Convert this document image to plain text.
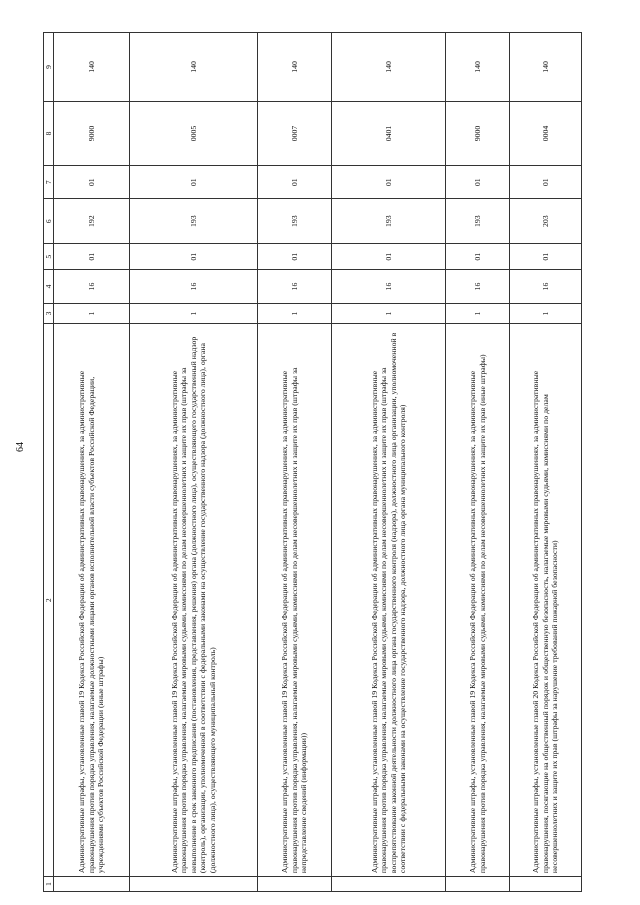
64
1	2	3	4	5	6	7	8	9
	Административные штрафы, установленные главой 19 Кодекса Российской Федерации об административных правонарушениях, за административные правонарушения против порядка управления, налагаемые должностными лицами органов исполнительной власти субъектов Российской Федерации, учреждениями субъектов Российской Федерации (иные штрафы)	1	16	01	192	01	9000	140
	Административные штрафы, установленные главой 19 Кодекса Российской Федерации об административных правонарушениях, за административные правонарушения против порядка управления, налагаемые мировыми судьями, комиссиями по делам несовершеннолетних и защите их прав (штрафы за невыполнение в срок законного предписания (постановления, представления, решения) органа (должностного лица), осуществляющего государственный надзор (контроль), организации, уполномоченной в соответствии с федеральными законами на осуществление государственного надзора (должностного лица), органа (должностного лица), осуществляющего муниципальный контроль)	1	16	01	193	01	0005	140
	Административные штрафы, установленные главой 19 Кодекса Российской Федерации об административных правонарушениях, за административные правонарушения против порядка управления, налагаемые мировыми судьями, комиссиями по делам несовершеннолетних и защите их прав (штрафы за непредставление сведений (информации))	1	16	01	193	01	0007	140
	Административные штрафы, установленные главой 19 Кодекса Российской Федерации об административных правонарушениях, за административные правонарушения против порядка управления, налагаемые мировыми судьями, комиссиями по делам несовершеннолетних и защите их прав (штрафы за воспрепятствование законной деятельности должностного лица органа государственного контроля (надзора), должностного лица организации, уполномоченной в соответствии с федеральными законами на осуществление государственного надзора, должностного лица органа муниципального контроля)	1	16	01	193	01	0401	140
	Административные штрафы, установленные главой 19 Кодекса Российской Федерации об административных правонарушениях, за административные правонарушения против порядка управления, налагаемые мировыми судьями, комиссиями по делам несовершеннолетних и защите их прав (иные штрафы)	1	16	01	193	01	9000	140
	Административные штрафы, установленные главой 20 Кодекса Российской Федерации об административных правонарушениях, за административные правонарушения, посягающие на общественный порядок и общественную безопасность, налагаемые мировыми судьями, комиссиями по делам несовершеннолетних и защите их прав (штрафы за нарушение требований пожарной безопасности)	1	16	01	203	01	0004	140
